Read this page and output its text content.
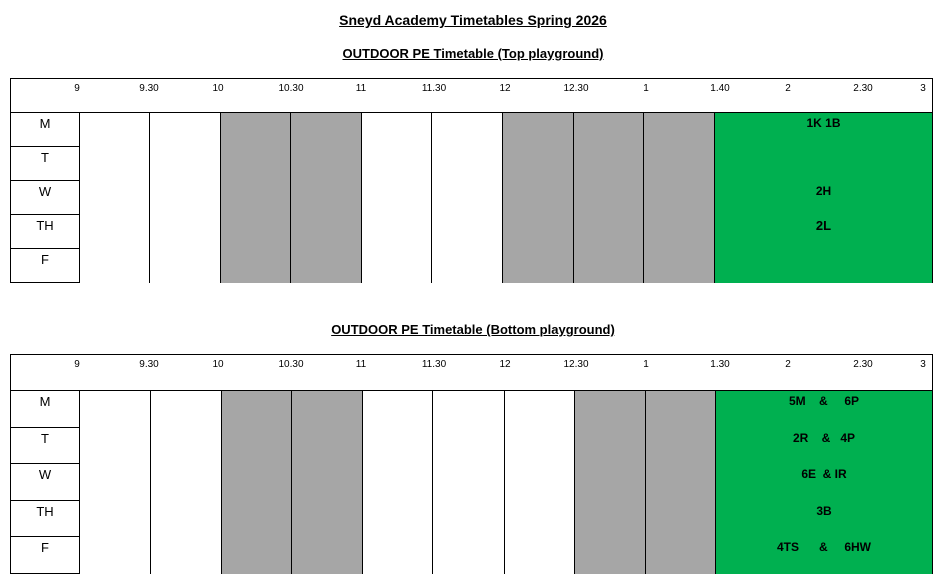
Sneyd Academy Timetables Spring 2026
OUTDOOR PE Timetable (Top playground)
OUTDOOR PE Timetable (Bottom playground)
9	9.30	10	10.30	11	11.30	12	12.30	1	1.40	2	2.30	3
M	1K 1B
T
W	2H
TH	2L
F
9	9.30	10	10.30	11	11.30	12	12.30	1	1.30	2	2.30	3
M	5M    &     6P
T	2R    &   4P
W	6E  & IR
TH	3B
F	4TS      &     6HW
